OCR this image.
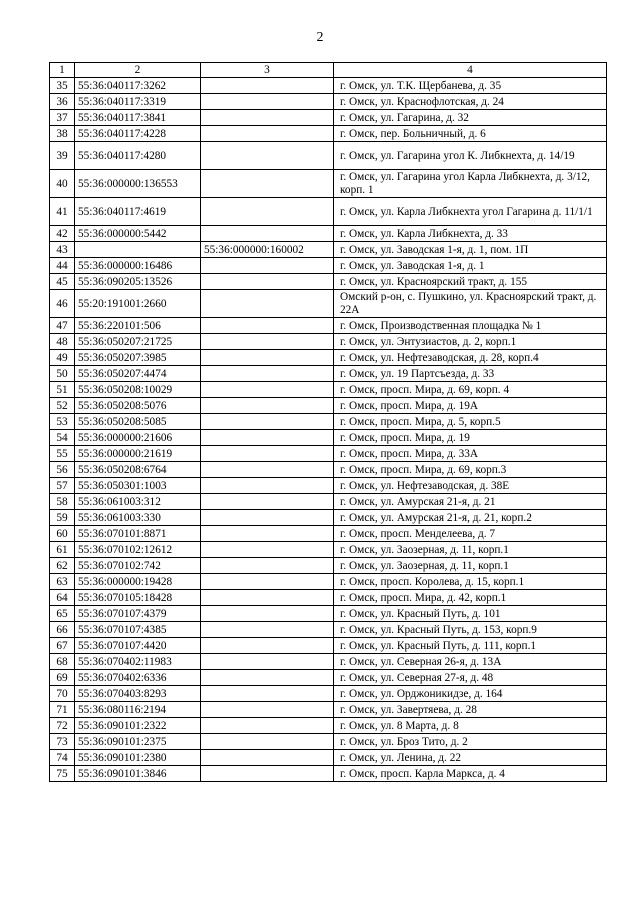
2
1	2	3	4
35	55:36:040117:3262		г. Омск, ул. Т.К. Щербанева, д. 35
36	55:36:040117:3319		г. Омск, ул. Краснофлотская, д. 24
37	55:36:040117:3841		г. Омск, ул. Гагарина, д. 32
38	55:36:040117:4228		г. Омск, пер. Больничный, д. 6
39	55:36:040117:4280		г. Омск, ул. Гагарина угол К. Либкнехта, д. 14/19
40	55:36:000000:136553		г. Омск, ул. Гагарина угол Карла Либкнехта, д. 3/12, корп. 1
41	55:36:040117:4619		г. Омск, ул. Карла Либкнехта угол Гагарина д. 11/1/1
42	55:36:000000:5442		г. Омск, ул. Карла Либкнехта, д. 33
43		55:36:000000:160002	г. Омск, ул. Заводская 1-я, д. 1, пом. 1П
44	55:36:000000:16486		г. Омск, ул. Заводская 1-я, д. 1
45	55:36:090205:13526		г. Омск, ул. Красноярский тракт, д. 155
46	55:20:191001:2660		Омский р-он, с. Пушкино, ул. Красноярский тракт, д. 22А
47	55:36:220101:506		г. Омск, Производственная площадка № 1
48	55:36:050207:21725		г. Омск, ул. Энтузиастов, д. 2, корп.1
49	55:36:050207:3985		г. Омск, ул. Нефтезаводская, д. 28, корп.4
50	55:36:050207:4474		г. Омск, ул. 19 Партсъезда, д. 33
51	55:36:050208:10029		г. Омск, просп. Мира, д. 69, корп. 4
52	55:36:050208:5076		г. Омск, просп. Мира, д. 19А
53	55:36:050208:5085		г. Омск, просп. Мира, д. 5, корп.5
54	55:36:000000:21606		г. Омск, просп. Мира, д. 19
55	55:36:000000:21619		г. Омск, просп. Мира, д. 33А
56	55:36:050208:6764		г. Омск, просп. Мира, д. 69, корп.3
57	55:36:050301:1003		г. Омск, ул. Нефтезаводская, д. 38Е
58	55:36:061003:312		г. Омск, ул. Амурская 21-я, д. 21
59	55:36:061003:330		г. Омск, ул. Амурская 21-я, д. 21, корп.2
60	55:36:070101:8871		г. Омск, просп. Менделеева, д. 7
61	55:36:070102:12612		г. Омск, ул. Заозерная, д. 11, корп.1
62	55:36:070102:742		г. Омск, ул. Заозерная, д. 11, корп.1
63	55:36:000000:19428		г. Омск, просп. Королева, д. 15, корп.1
64	55:36:070105:18428		г. Омск, просп. Мира, д. 42, корп.1
65	55:36:070107:4379		г. Омск, ул. Красный Путь, д. 101
66	55:36:070107:4385		г. Омск, ул. Красный Путь, д. 153, корп.9
67	55:36:070107:4420		г. Омск, ул. Красный Путь, д. 111, корп.1
68	55:36:070402:11983		г. Омск, ул. Северная 26-я, д. 13А
69	55:36:070402:6336		г. Омск, ул. Северная 27-я, д. 48
70	55:36:070403:8293		г. Омск, ул. Орджоникидзе, д. 164
71	55:36:080116:2194		г. Омск, ул. Завертяева, д. 28
72	55:36:090101:2322		г. Омск, ул. 8 Марта, д. 8
73	55:36:090101:2375		г. Омск, ул. Броз Тито, д. 2
74	55:36:090101:2380		г. Омск, ул. Ленина, д. 22
75	55:36:090101:3846		г. Омск, просп. Карла Маркса, д. 4
